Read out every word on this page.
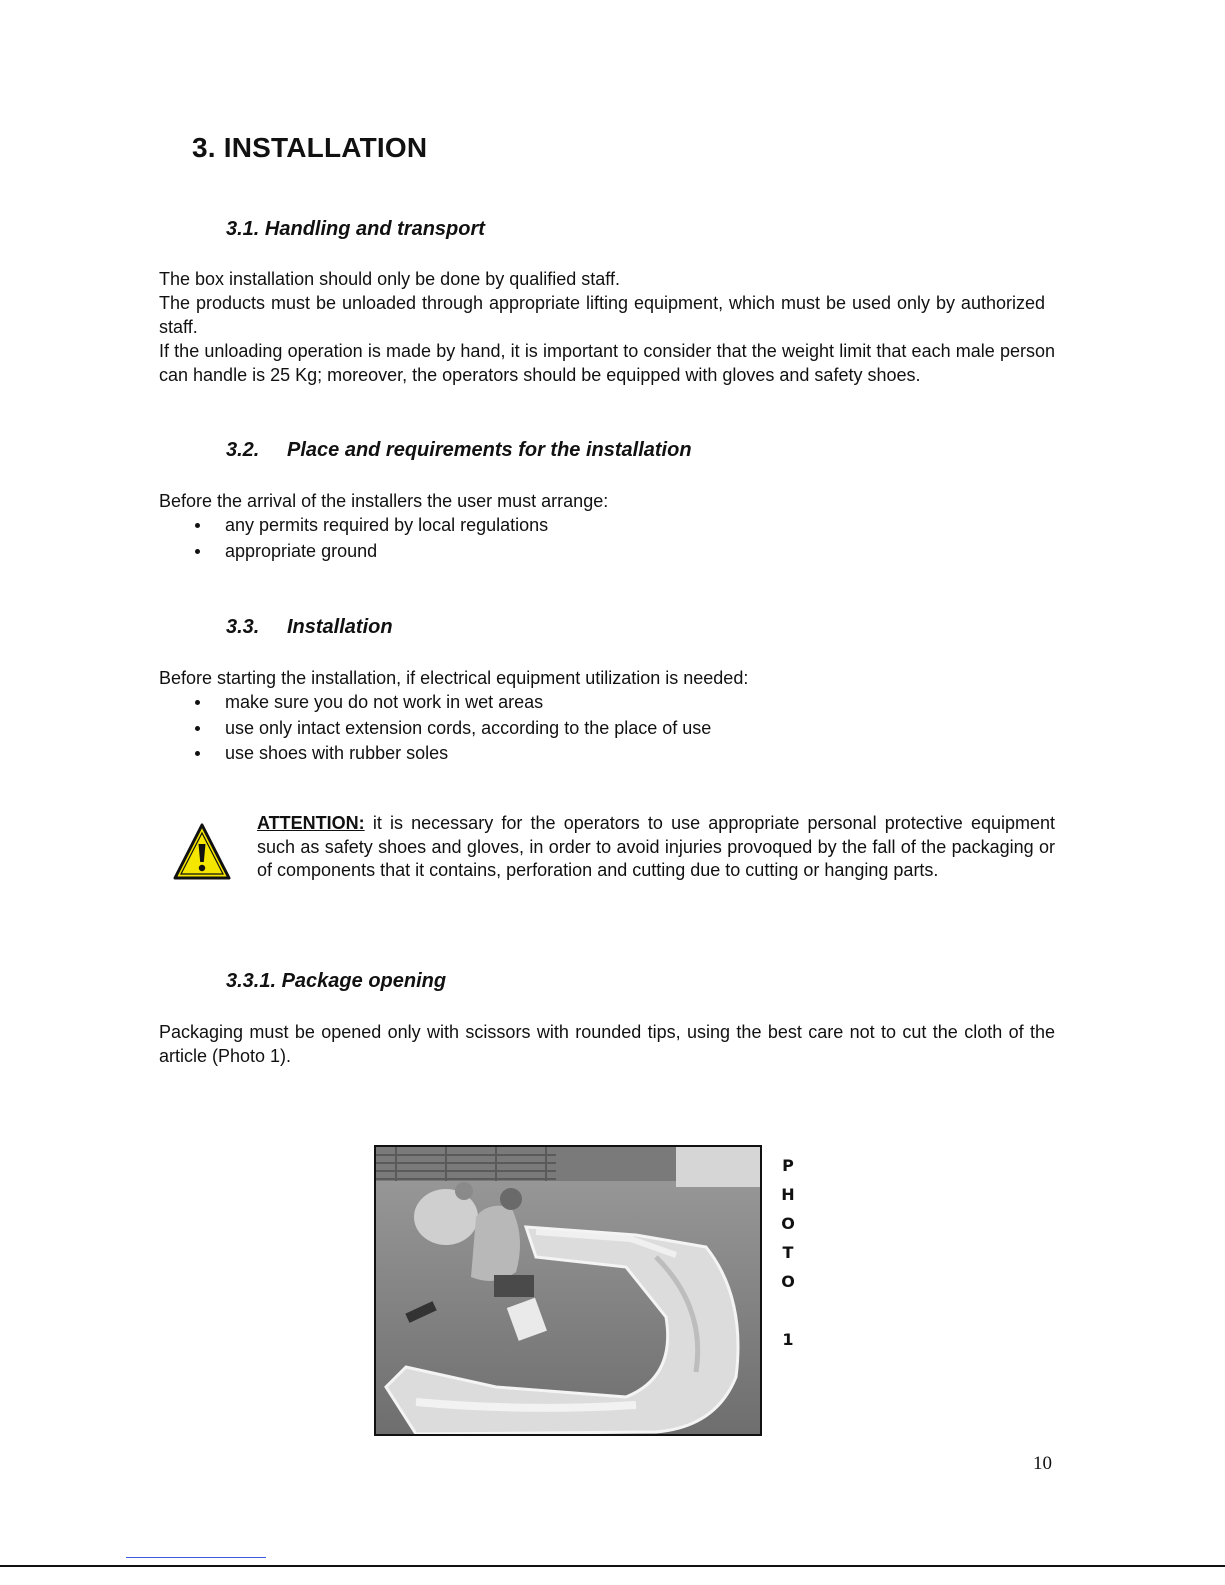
3. INSTALLATION
3.1. Handling and transport
The box installation should only be done by qualified staff.
The products must be unloaded through appropriate lifting equipment, which must be used only by authorized staff.
If the unloading operation is made by hand, it is important to consider that the weight limit that each male person can handle is 25 Kg; moreover, the operators should be equipped with gloves and safety shoes.
3.2. Place and requirements for the installation
Before the arrival of the installers the user must arrange:
any permits required by local regulations
appropriate ground
3.3. Installation
Before starting the installation, if electrical equipment utilization is needed:
make sure you do not work in wet areas
use only intact extension cords, according to the place of use
use shoes with rubber soles
ATTENTION: it is necessary for the operators to use appropriate personal protective equipment such as safety shoes and gloves, in order to avoid injuries provoqued by the fall of the packaging or of components that it contains, perforation and cutting due to cutting or hanging parts.
3.3.1. Package opening
Packaging must be opened only with scissors with rounded tips, using the best care not to cut the cloth of the article (Photo 1).
P
H
O
T
O
1
10
